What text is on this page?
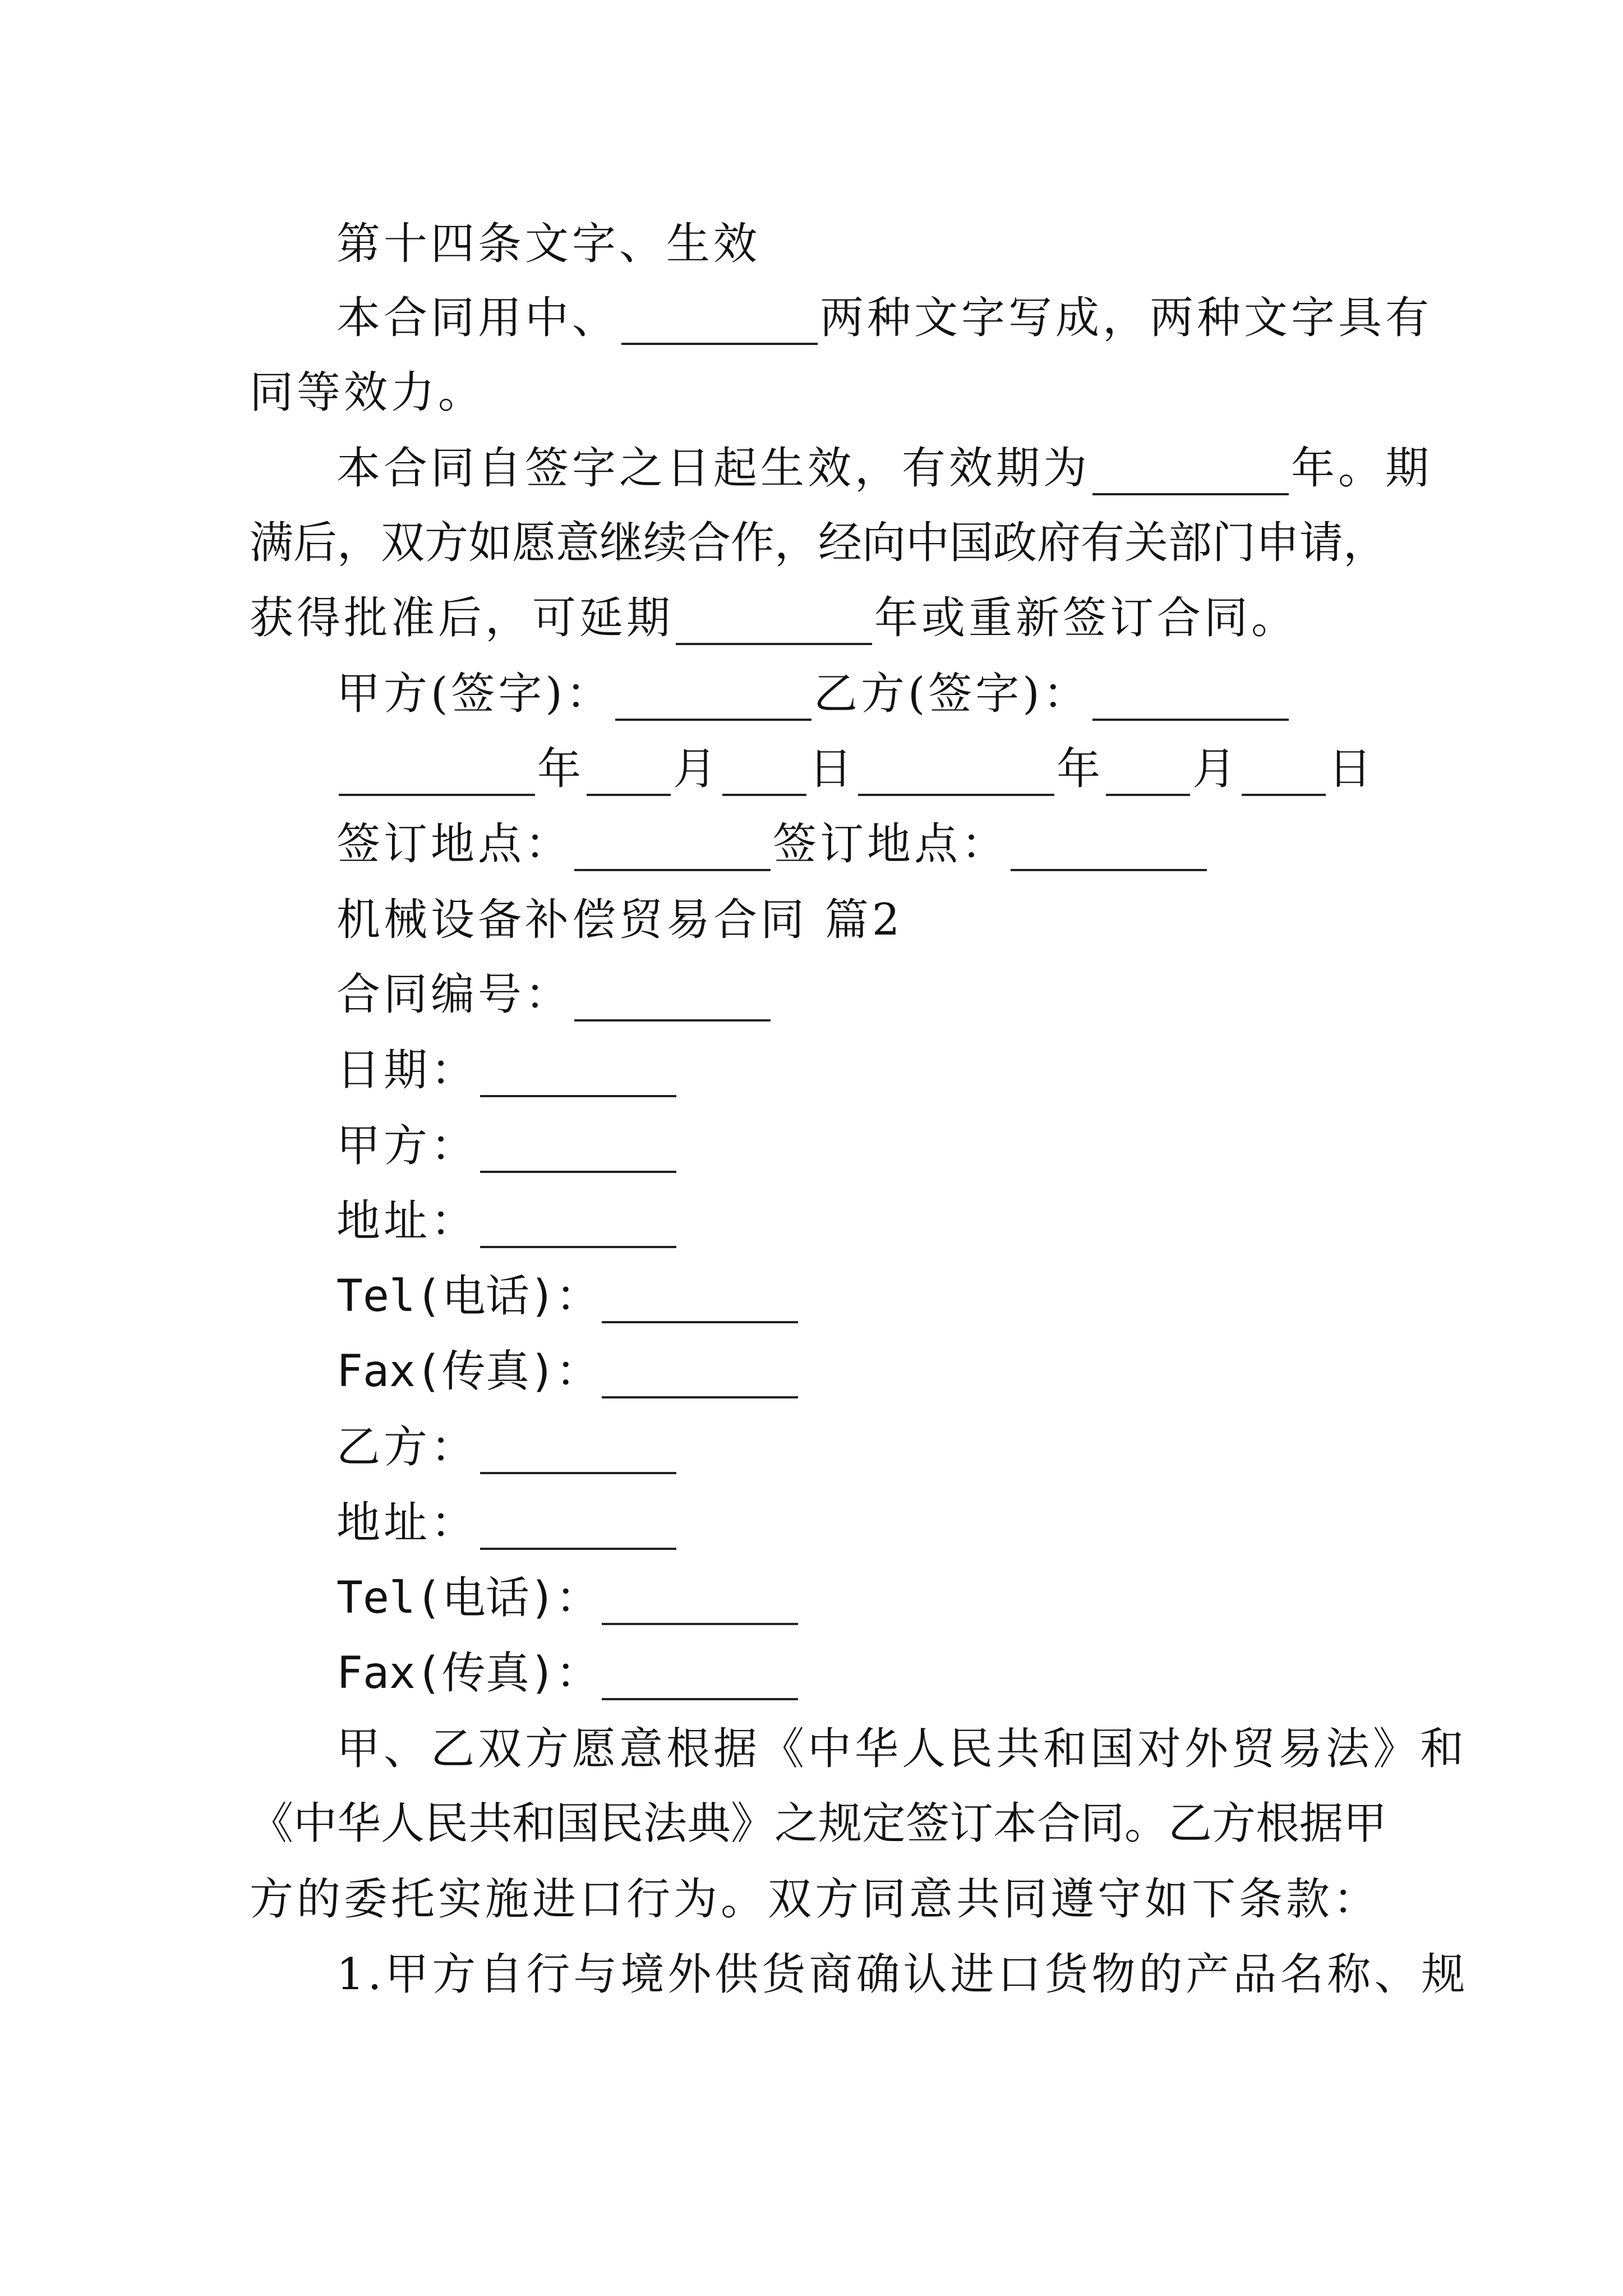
第十四条文字、生效
本合同用中、	两种文字写成，两种文字具有
同等效力。
本合同自签字之日起生效，有效期为	年。期
满后，双方如愿意继续合作，经向中国政府有关部门申请，
获得批准后，可延期	年或重新签订合同。
甲方(签字)：	乙方(签字)：
年 月 日	年 月 日
签订地点：	签订地点：
机械设备补偿贸易合同 篇2
合同编号：
日期：
甲方：
地址：
Tel(电话)：
Fax(传真)：
乙方：
地址：
Tel(电话)：
Fax(传真)：
甲、乙双方愿意根据《中华人民共和国对外贸易法》和
《中华人民共和国民法典》之规定签订本合同。乙方根据甲
方的委托实施进口行为。双方同意共同遵守如下条款：
1.甲方自行与境外供货商确认进口货物的产品名称、规
